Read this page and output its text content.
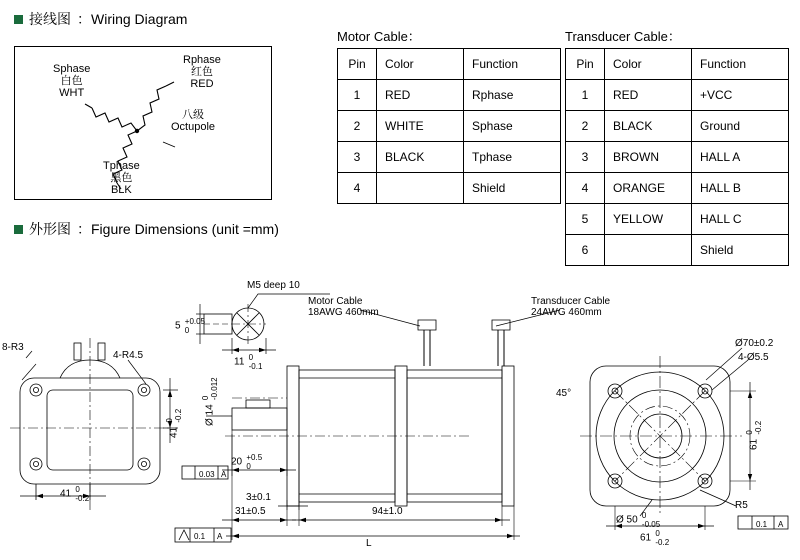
接线图 ：Wiring Diagram
Sphase
白色
WHT
Rphase
红色
RED
Tphase
黑色
BLK
八级
Octupole
Motor Cable：
Pin	Color	Function
1	RED	Rphase
2	WHITE	Sphase
3	BLACK	Tphase
4		Shield
Transducer Cable：
Pin	Color	Function
1	RED	+VCC
2	BLACK	Ground
3	BROWN	HALL A
4	ORANGE	HALL B
5	YELLOW	HALL C
6		Shield
外形图 ：Figure Dimensions (unit =mm)
8-R3
4-R4.5
41 0
-0.2
41
0 -0.2
M5 deep 10
5 +0.05
0
11 0
-0.1
Motor Cable
18AWG 460mm
Transducer Cable
24AWG 460mm
Ø 14
0 -0.012
20 +0.5
0
3±0.1
31±0.5	94±1.0
L
0.03 A
0.1 A
Ø70±0.2
4-Ø5.5
45°
R5
Ø 50 0
-0.05
61
0 -0.2
61 0
-0.2
0.1 A
